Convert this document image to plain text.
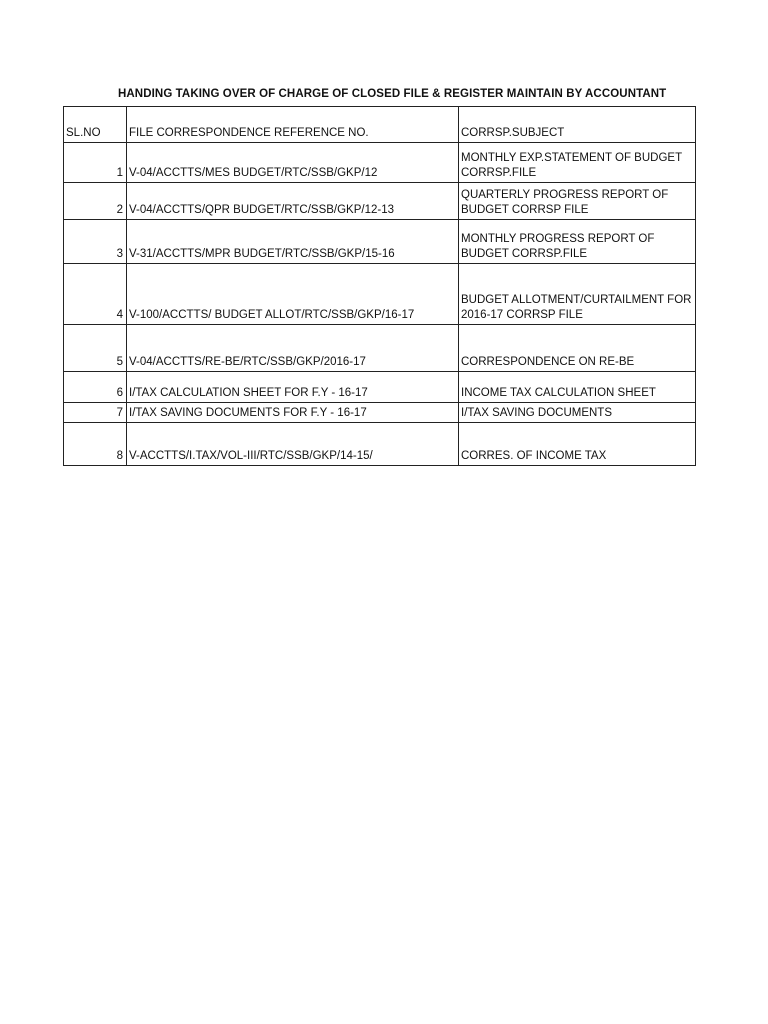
HANDING TAKING OVER OF CHARGE OF CLOSED FILE & REGISTER MAINTAIN BY ACCOUNTANT
SL.NO	FILE CORRESPONDENCE REFERENCE NO.	CORRSP.SUBJECT
1	V-04/ACCTTS/MES BUDGET/RTC/SSB/GKP/12	MONTHLY EXP.STATEMENT OF BUDGET CORRSP.FILE
2	V-04/ACCTTS/QPR BUDGET/RTC/SSB/GKP/12-13	QUARTERLY PROGRESS REPORT OF BUDGET CORRSP FILE
3	V-31/ACCTTS/MPR BUDGET/RTC/SSB/GKP/15-16	MONTHLY PROGRESS REPORT OF BUDGET CORRSP.FILE
4	V-100/ACCTTS/ BUDGET ALLOT/RTC/SSB/GKP/16-17	BUDGET ALLOTMENT/CURTAILMENT FOR 2016-17 CORRSP FILE
5	V-04/ACCTTS/RE-BE/RTC/SSB/GKP/2016-17	CORRESPONDENCE ON RE-BE
6	I/TAX CALCULATION SHEET FOR F.Y - 16-17	INCOME TAX CALCULATION SHEET
7	I/TAX SAVING DOCUMENTS FOR F.Y - 16-17	I/TAX SAVING DOCUMENTS
8	V-ACCTTS/I.TAX/VOL-III/RTC/SSB/GKP/14-15/	CORRES. OF INCOME TAX
